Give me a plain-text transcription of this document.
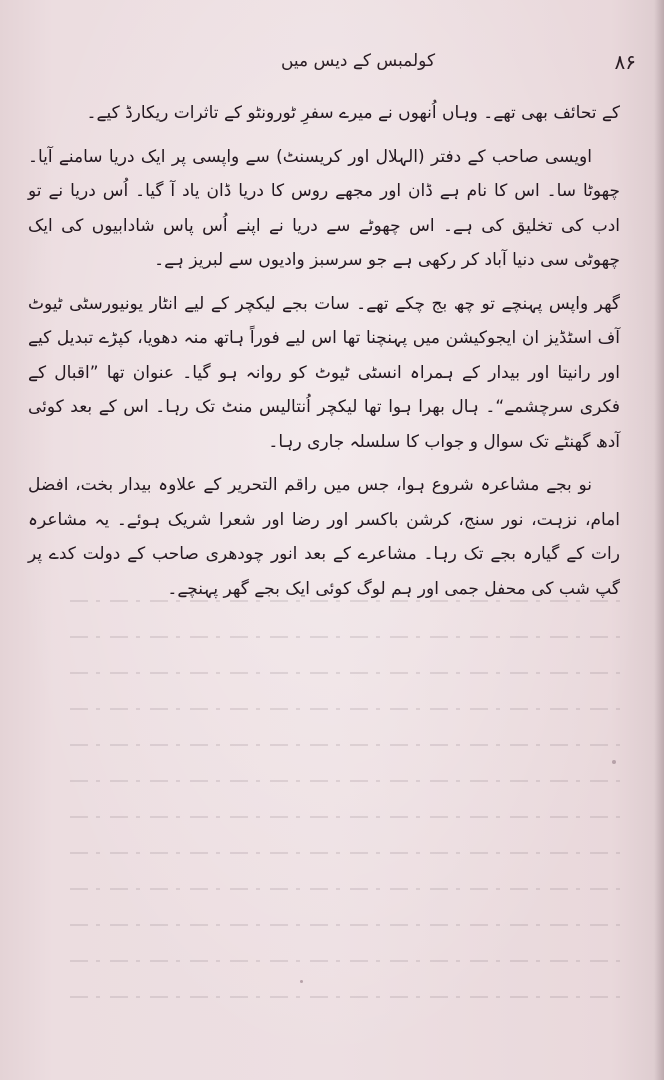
۸۶
کولمبس کے دیس میں

کے تحائف بھی تھے۔ وہاں اُنھوں نے میرے سفرِ ٹورونٹو کے تاثرات ریکارڈ کیے۔

اویسی صاحب کے دفتر (الہلال اور کریسنٹ) سے واپسی پر ایک دریا سامنے آیا۔ چھوٹا سا۔ اس کا نام ہے ڈان اور مجھے روس کا دریا ڈان یاد آ گیا۔ اُس دریا نے تو ادب کی تخلیق کی ہے۔ اس چھوٹے سے دریا نے اپنے اُس پاس شادابیوں کی ایک چھوٹی سی دنیا آباد کر رکھی ہے جو سرسبز وادیوں سے لبریز ہے۔

گھر واپس پہنچے تو چھ بج چکے تھے۔ سات بجے لیکچر کے لیے انٹار یونیورسٹی ٹیوٹ آف اسٹڈیز ان ایجوکیشن میں پہنچنا تھا اس لیے فوراً ہاتھ منہ دھویا، کپڑے تبدیل کیے اور رانیتا اور بیدار کے ہمراہ انسٹی ٹیوٹ کو روانہ ہو گیا۔ عنوان تھا ”اقبال کے فکری سرچشمے“۔ ہال بھرا ہوا تھا لیکچر اُنتالیس منٹ تک رہا۔ اس کے بعد کوئی آدھ گھنٹے تک سوال و جواب کا سلسلہ جاری رہا۔

نو بجے مشاعرہ شروع ہوا، جس میں راقم التحریر کے علاوہ بیدار بخت، افضل امام، نزہت، نور سنج، کرشن باکسر اور رضا اور شعرا شریک ہوئے۔ یہ مشاعرہ رات کے گیارہ بجے تک رہا۔ مشاعرے کے بعد انور چودھری صاحب کے دولت کدے پر گپ شب کی محفل جمی اور ہم لوگ کوئی ایک بجے گھر پہنچے۔
